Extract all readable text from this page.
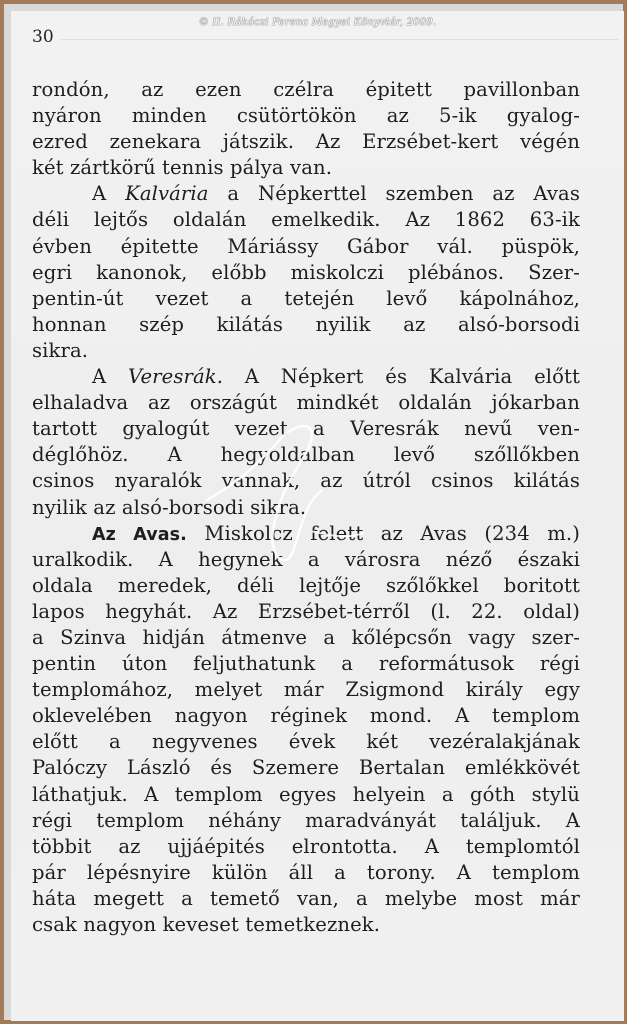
© II. Rákóczi Ferenc Megyei Könyvtár, 2009.
30
rondón, az ezen czélra épitett pavillonban
nyáron minden csütörtökön az 5-ik gyalog-
ezred zenekara játszik. Az Erzsébet-kert végén
két zártkörű tennis pálya van.
A Kalvária a Népkerttel szemben az Avas
déli lejtős oldalán emelkedik. Az 1862 63-ik
évben épitette Máriássy Gábor vál. püspök,
egri kanonok, előbb miskolczi plébános. Szer-
pentin-út vezet a tetején levő kápolnához,
honnan szép kilátás nyilik az alsó-borsodi
sikra.
A Veresrák. A Népkert és Kalvária előtt
elhaladva az országút mindkét oldalán jókarban
tartott gyalogút vezet a Veresrák nevű ven-
déglőhöz. A hegyoldalban levő szőllőkben
csinos nyaralók vannak, az útról csinos kilátás
nyilik az alsó-borsodi sikra.
Az Avas. Miskolcz felett az Avas (234 m.)
uralkodik. A hegynek a városra néző északi
oldala meredek, déli lejtője szőlőkkel boritott
lapos hegyhát. Az Erzsébet-térről (l. 22. oldal)
a Szinva hidján átmenve a kőlépcsőn vagy szer-
pentin úton feljuthatunk a reformátusok régi
templomához, melyet már Zsigmond király egy
oklevelében nagyon réginek mond. A templom
előtt a negyvenes évek két vezéralakjának
Palóczy László és Szemere Bertalan emlékkövét
láthatjuk. A templom egyes helyein a góth stylü
régi templom néhány maradványát találjuk. A
többit az ujjáépités elrontotta. A templomtól
pár lépésnyire külön áll a torony. A templom
háta megett a temető van, a melybe most már
csak nagyon keveset temetkeznek.
